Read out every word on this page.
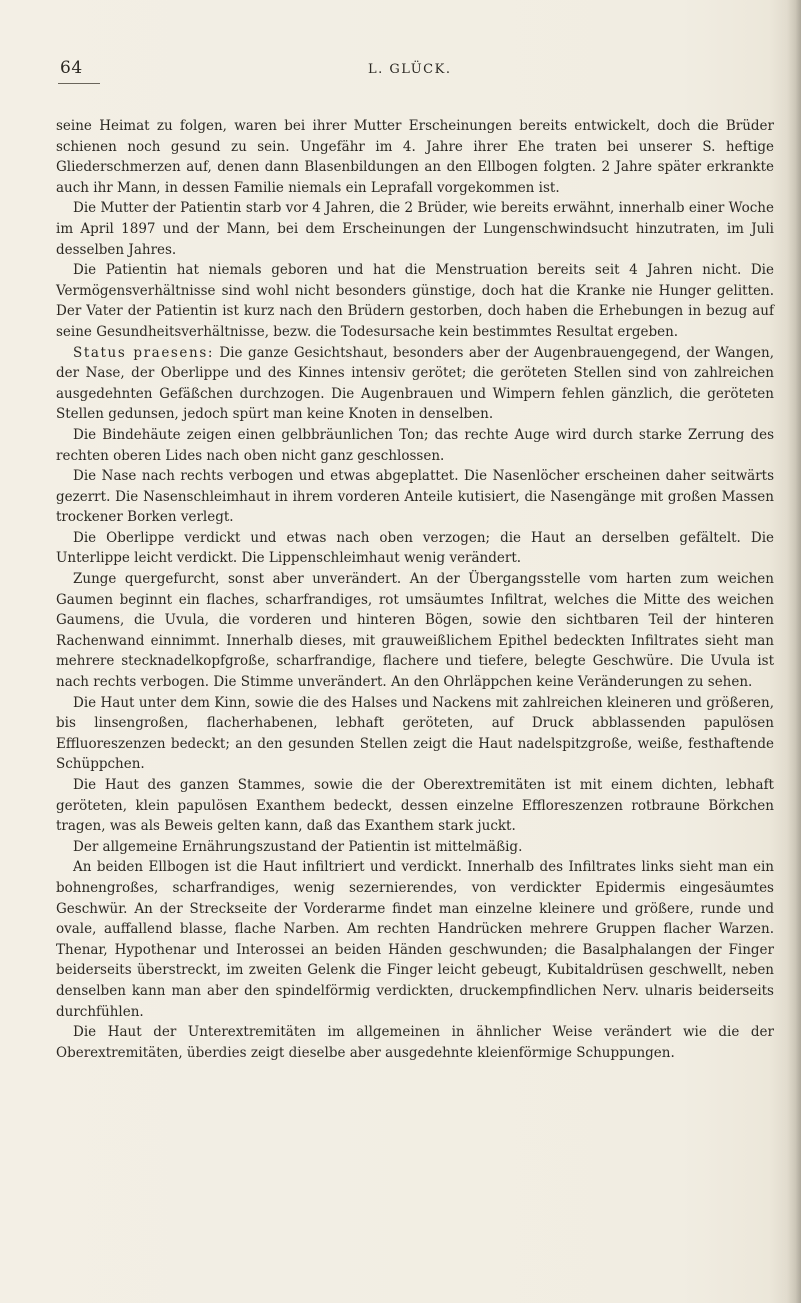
64	L. GLÜCK.

seine Heimat zu folgen, waren bei ihrer Mutter Erscheinungen bereits entwickelt, doch die Brüder schienen noch gesund zu sein. Ungefähr im 4. Jahre ihrer Ehe traten bei unserer S. heftige Gliederschmerzen auf, denen dann Blasenbildungen an den Ellbogen folgten. 2 Jahre später erkrankte auch ihr Mann, in dessen Familie niemals ein Leprafall vorgekommen ist.

Die Mutter der Patientin starb vor 4 Jahren, die 2 Brüder, wie bereits erwähnt, innerhalb einer Woche im April 1897 und der Mann, bei dem Erscheinungen der Lungenschwindsucht hinzutraten, im Juli desselben Jahres.

Die Patientin hat niemals geboren und hat die Menstruation bereits seit 4 Jahren nicht. Die Vermögensverhältnisse sind wohl nicht besonders günstige, doch hat die Kranke nie Hunger gelitten. Der Vater der Patientin ist kurz nach den Brüdern gestorben, doch haben die Erhebungen in bezug auf seine Gesundheitsverhältnisse, bezw. die Todesursache kein bestimmtes Resultat ergeben.

Status praesens: Die ganze Gesichtshaut, besonders aber der Augenbrauengegend, der Wangen, der Nase, der Oberlippe und des Kinnes intensiv gerötet; die geröteten Stellen sind von zahlreichen ausgedehnten Gefäßchen durchzogen. Die Augenbrauen und Wimpern fehlen gänzlich, die geröteten Stellen gedunsen, jedoch spürt man keine Knoten in denselben.

Die Bindehäute zeigen einen gelbbräunlichen Ton; das rechte Auge wird durch starke Zerrung des rechten oberen Lides nach oben nicht ganz geschlossen.

Die Nase nach rechts verbogen und etwas abgeplattet. Die Nasenlöcher erscheinen daher seitwärts gezerrt. Die Nasenschleimhaut in ihrem vorderen Anteile kutisiert, die Nasengänge mit großen Massen trockener Borken verlegt.

Die Oberlippe verdickt und etwas nach oben verzogen; die Haut an derselben gefältelt. Die Unterlippe leicht verdickt. Die Lippenschleimhaut wenig verändert.

Zunge quergefurcht, sonst aber unverändert. An der Übergangsstelle vom harten zum weichen Gaumen beginnt ein flaches, scharfrandiges, rot umsäumtes Infiltrat, welches die Mitte des weichen Gaumens, die Uvula, die vorderen und hinteren Bögen, sowie den sichtbaren Teil der hinteren Rachenwand einnimmt. Innerhalb dieses, mit grauweißlichem Epithel bedeckten Infiltrates sieht man mehrere stecknadelkopfgroße, scharfrandige, flachere und tiefere, belegte Geschwüre. Die Uvula ist nach rechts verbogen. Die Stimme unverändert. An den Ohrläppchen keine Veränderungen zu sehen.

Die Haut unter dem Kinn, sowie die des Halses und Nackens mit zahlreichen kleineren und größeren, bis linsengroßen, flacherhabenen, lebhaft geröteten, auf Druck abblassenden papulösen Effluoreszenzen bedeckt; an den gesunden Stellen zeigt die Haut nadelspitzgroße, weiße, festhaftende Schüppchen.

Die Haut des ganzen Stammes, sowie die der Oberextremitäten ist mit einem dichten, lebhaft geröteten, klein papulösen Exanthem bedeckt, dessen einzelne Effloreszenzen rotbraune Börkchen tragen, was als Beweis gelten kann, daß das Exanthem stark juckt.

Der allgemeine Ernährungszustand der Patientin ist mittelmäßig.

An beiden Ellbogen ist die Haut infiltriert und verdickt. Innerhalb des Infiltrates links sieht man ein bohnengroßes, scharfrandiges, wenig sezernierendes, von verdickter Epidermis eingesäumtes Geschwür. An der Streckseite der Vorderarme findet man einzelne kleinere und größere, runde und ovale, auffallend blasse, flache Narben. Am rechten Handrücken mehrere Gruppen flacher Warzen. Thenar, Hypothenar und Interossei an beiden Händen geschwunden; die Basalphalangen der Finger beiderseits überstreckt, im zweiten Gelenk die Finger leicht gebeugt, Kubitaldrüsen geschwellt, neben denselben kann man aber den spindelförmig verdickten, druckempfindlichen Nerv. ulnaris beiderseits durchfühlen.

Die Haut der Unterextremitäten im allgemeinen in ähnlicher Weise verändert wie die der Oberextremitäten, überdies zeigt dieselbe aber ausgedehnte kleienförmige Schuppungen.
